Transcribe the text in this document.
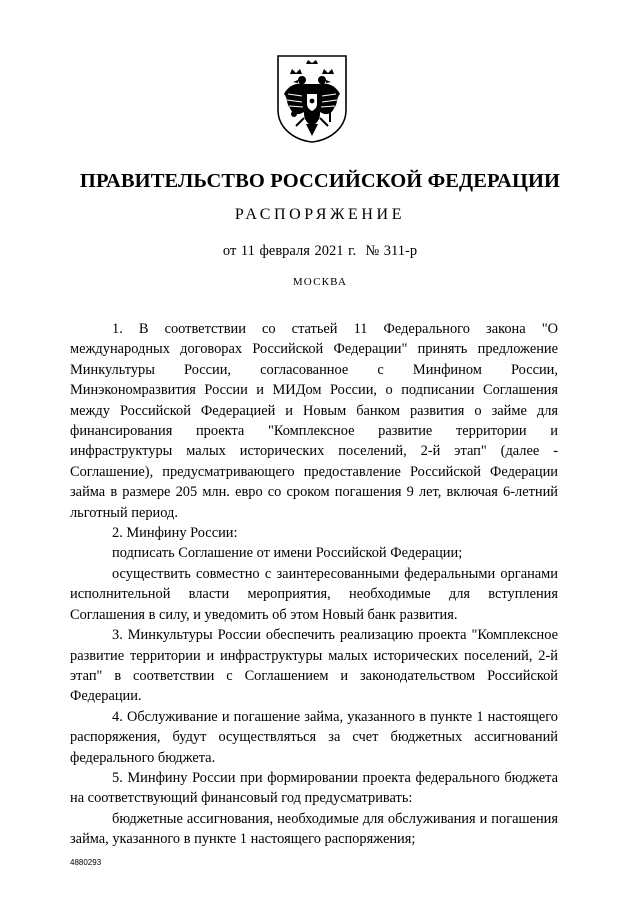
ПРАВИТЕЛЬСТВО РОССИЙСКОЙ ФЕДЕРАЦИИ
РАСПОРЯЖЕНИЕ
от 11 февраля 2021 г.  № 311-р
МОСКВА

1. В соответствии со статьей 11 Федерального закона "О международных договорах Российской Федерации" принять предложение Минкультуры России, согласованное с Минфином России, Минэкономразвития России и МИДом России, о подписании Соглашения между Российской Федерацией и Новым банком развития о займе для финансирования проекта "Комплексное развитие территории и инфраструктуры малых исторических поселений, 2-й этап" (далее - Соглашение), предусматривающего предоставление Российской Федерации займа в размере 205 млн. евро со сроком погашения 9 лет, включая 6-летний льготный период.

2. Минфину России:

подписать Соглашение от имени Российской Федерации;

осуществить совместно с заинтересованными федеральными органами исполнительной власти мероприятия, необходимые для вступления Соглашения в силу, и уведомить об этом Новый банк развития.

3. Минкультуры России обеспечить реализацию проекта "Комплексное развитие территории и инфраструктуры малых исторических поселений, 2-й этап" в соответствии с Соглашением и законодательством Российской Федерации.

4. Обслуживание и погашение займа, указанного в пункте 1 настоящего распоряжения, будут осуществляться за счет бюджетных ассигнований федерального бюджета.

5. Минфину России при формировании проекта федерального бюджета на соответствующий финансовый год предусматривать:

бюджетные ассигнования, необходимые для обслуживания и погашения займа, указанного в пункте 1 настоящего распоряжения;

4880293
